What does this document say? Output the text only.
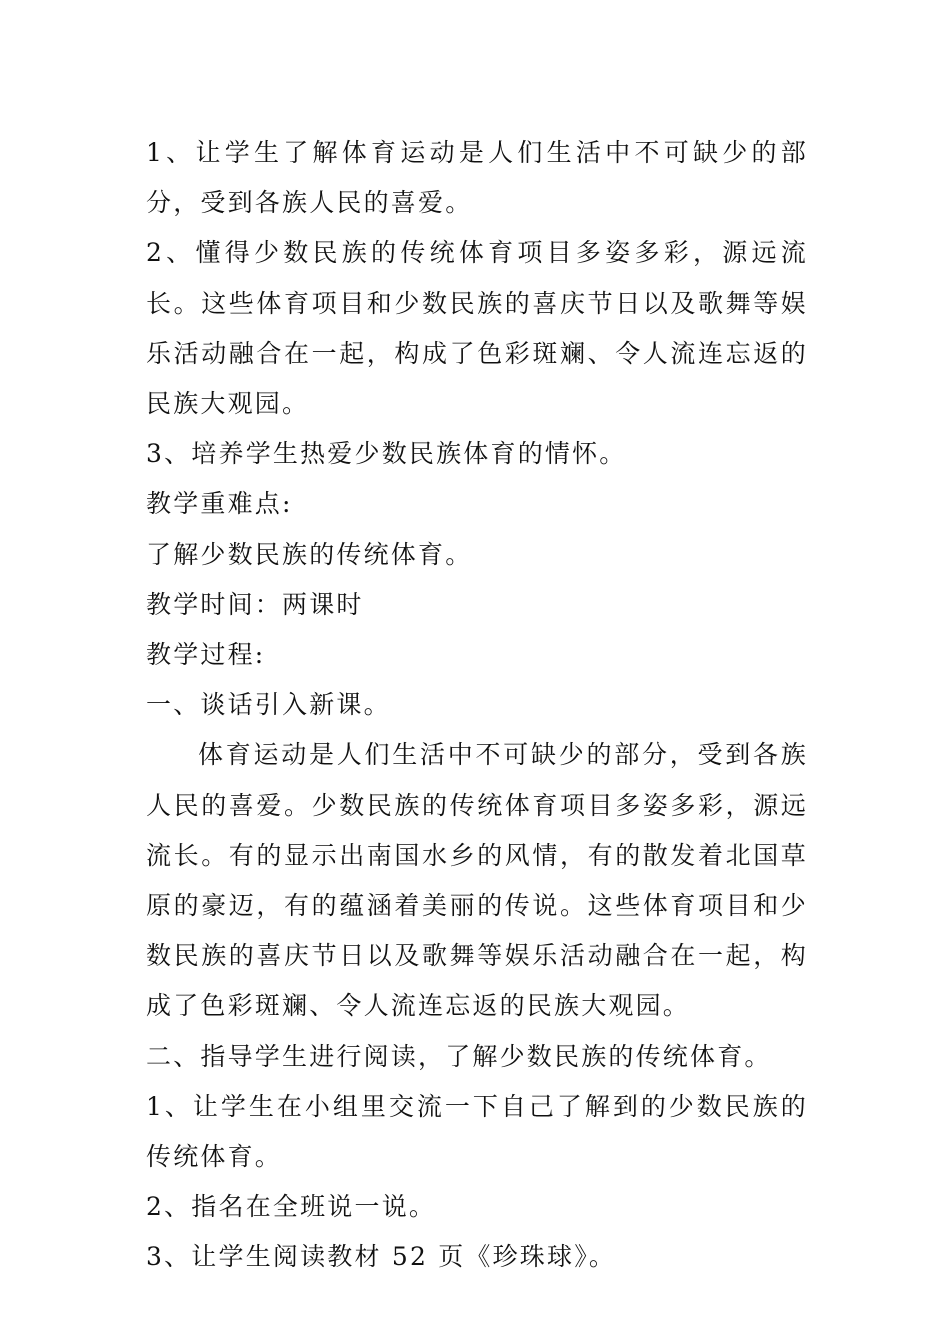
1、让学生了解体育运动是人们生活中不可缺少的部分，受到各族人民的喜爱。

2、懂得少数民族的传统体育项目多姿多彩，源远流长。这些体育项目和少数民族的喜庆节日以及歌舞等娱乐活动融合在一起，构成了色彩斑斓、令人流连忘返的民族大观园。

3、培养学生热爱少数民族体育的情怀。

教学重难点:

了解少数民族的传统体育。

教学时间：两课时

教学过程:

一、谈话引入新课。

体育运动是人们生活中不可缺少的部分，受到各族人民的喜爱。少数民族的传统体育项目多姿多彩，源远流长。有的显示出南国水乡的风情，有的散发着北国草原的豪迈，有的蕴涵着美丽的传说。这些体育项目和少数民族的喜庆节日以及歌舞等娱乐活动融合在一起，构成了色彩斑斓、令人流连忘返的民族大观园。

二、指导学生进行阅读，了解少数民族的传统体育。

1、让学生在小组里交流一下自己了解到的少数民族的传统体育。

2、指名在全班说一说。

3、让学生阅读教材 52 页《珍珠球》。
